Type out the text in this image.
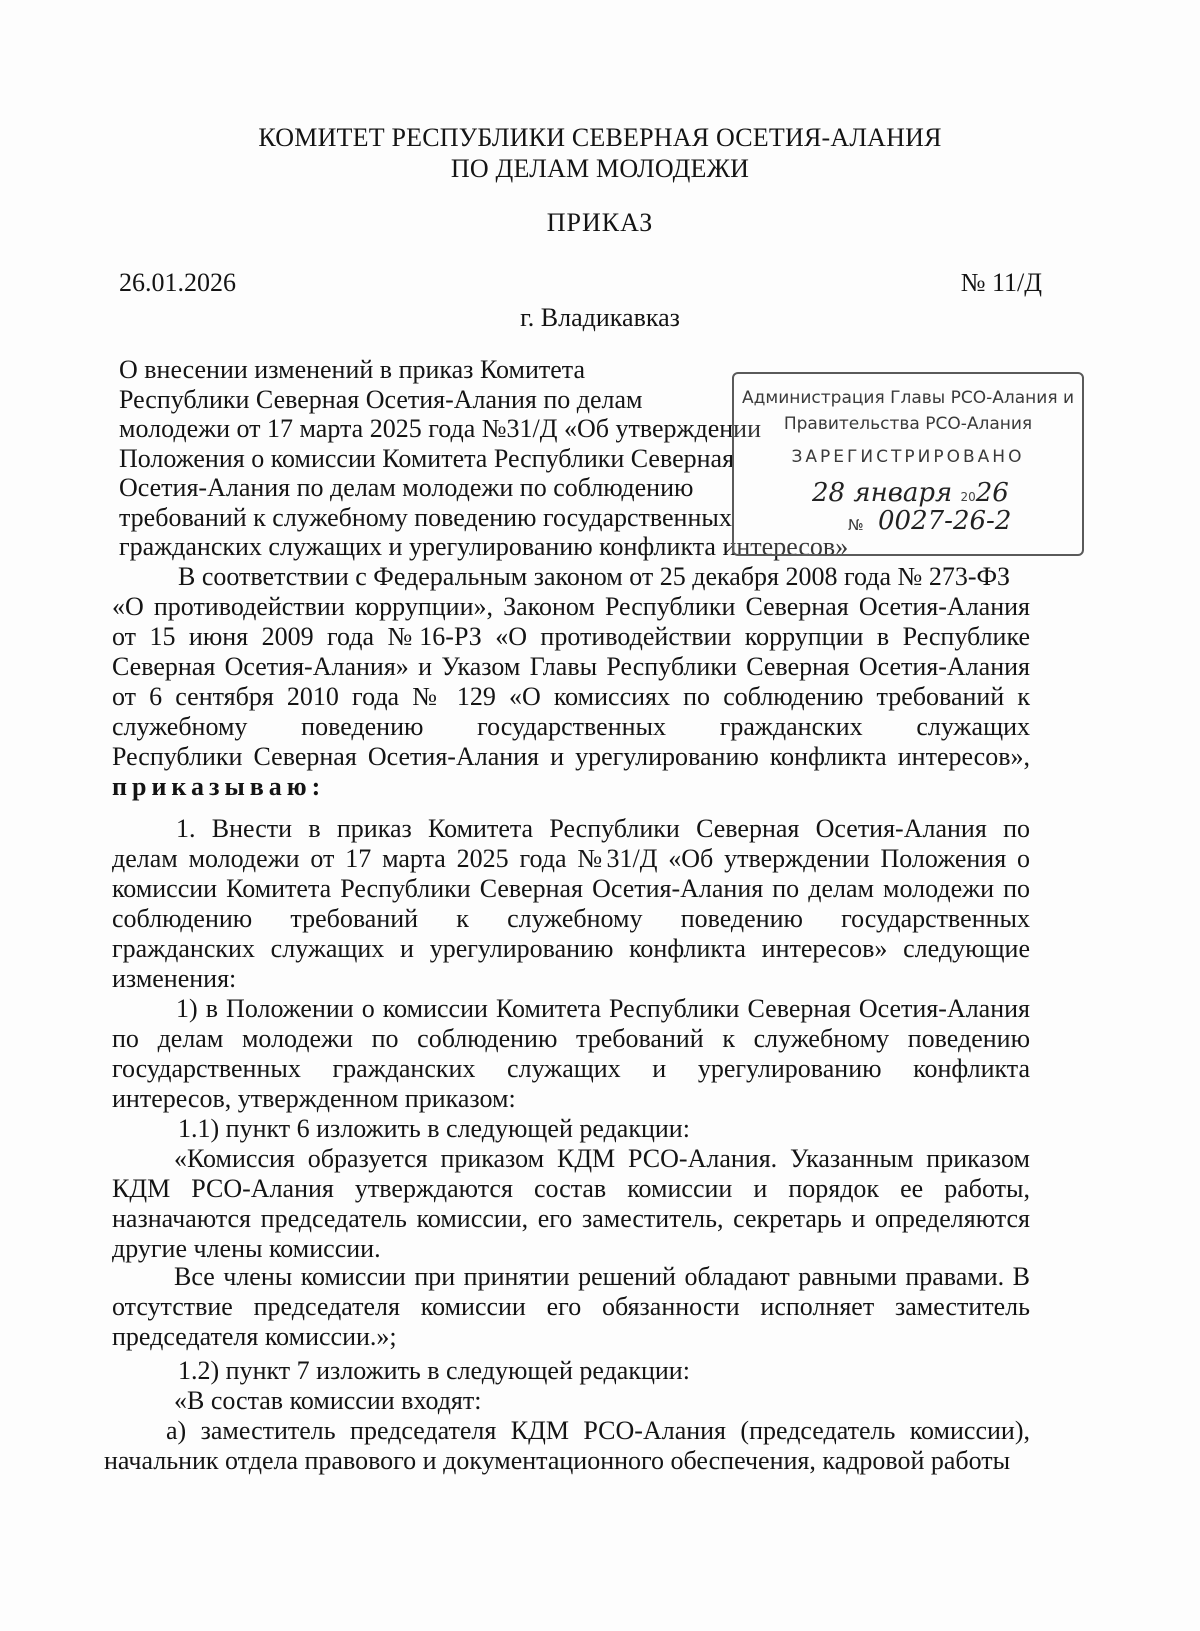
КОМИТЕТ РЕСПУБЛИКИ СЕВЕРНАЯ ОСЕТИЯ-АЛАНИЯ
ПО ДЕЛАМ МОЛОДЕЖИ
ПРИКАЗ
26.01.2026	№ 11/Д
г. Владикавказ
О внесении изменений в приказ Комитета
Республики Северная Осетия-Алания по делам
молодежи от 17 марта 2025 года №31/Д «Об утверждении
Положения о комиссии Комитета Республики Северная
Осетия-Алания по делам молодежи по соблюдению
требований к служебному поведению государственных
гражданских служащих и урегулированию конфликта интересов»
Администрация Главы РСО-Алания и
Правительства РСО-Алания
ЗАРЕГИСТРИРОВАНО
28 января 2026
№ 0027-26-2
В соответствии с Федеральным законом от 25 декабря 2008 года № 273-ФЗ
«О противодействии коррупции», Законом Республики Северная Осетия-Алания
от 15 июня 2009 года №16-РЗ «О противодействии коррупции в Республике
Северная Осетия-Алания» и Указом Главы Республики Северная Осетия-Алания
от 6 сентября 2010 года № 129 «О комиссиях по соблюдению требований к
служебному поведению государственных гражданских служащих
Республики Северная Осетия-Алания и урегулированию конфликта интересов»,
приказываю:
1. Внести в приказ Комитета Республики Северная Осетия-Алания по
делам молодежи от 17 марта 2025 года №31/Д «Об утверждении Положения о
комиссии Комитета Республики Северная Осетия-Алания по делам молодежи по
соблюдению требований к служебному поведению государственных
гражданских служащих и урегулированию конфликта интересов» следующие
изменения:
1) в Положении о комиссии Комитета Республики Северная Осетия-Алания
по делам молодежи по соблюдению требований к служебному поведению
государственных гражданских служащих и урегулированию конфликта
интересов, утвержденном приказом:
1.1) пункт 6 изложить в следующей редакции:
«Комиссия образуется приказом КДМ РСО-Алания. Указанным приказом
КДМ РСО-Алания утверждаются состав комиссии и порядок ее работы,
назначаются председатель комиссии, его заместитель, секретарь и определяются
другие члены комиссии.
Все члены комиссии при принятии решений обладают равными правами. В
отсутствие председателя комиссии его обязанности исполняет заместитель
председателя комиссии.»;
1.2) пункт 7 изложить в следующей редакции:
«В состав комиссии входят:
а) заместитель председателя КДМ РСО-Алания (председатель комиссии),
начальник отдела правового и документационного обеспечения, кадровой работы
